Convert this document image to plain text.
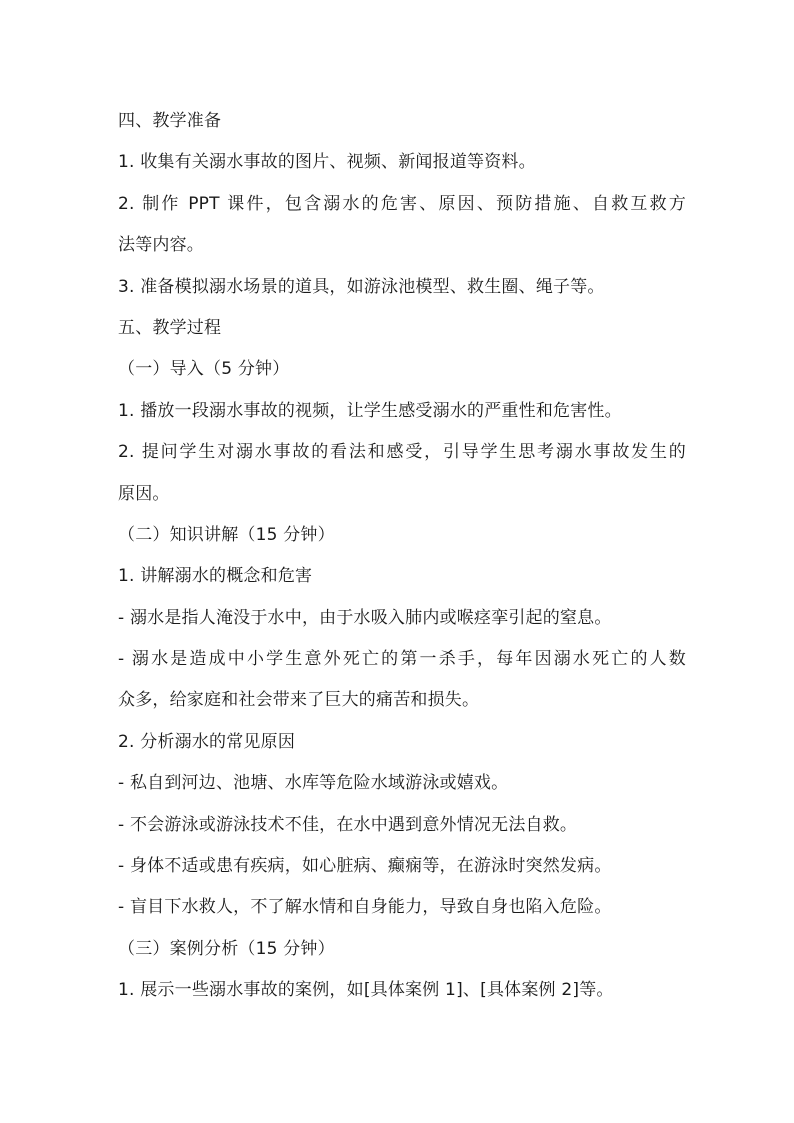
四、教学准备
1. 收集有关溺水事故的图片、视频、新闻报道等资料。
2. 制作 PPT 课件，包含溺水的危害、原因、预防措施、自救互救方
法等内容。
3. 准备模拟溺水场景的道具，如游泳池模型、救生圈、绳子等。
五、教学过程
（一）导入（5 分钟）
1. 播放一段溺水事故的视频，让学生感受溺水的严重性和危害性。
2. 提问学生对溺水事故的看法和感受，引导学生思考溺水事故发生的
原因。
（二）知识讲解（15 分钟）
1. 讲解溺水的概念和危害
- 溺水是指人淹没于水中，由于水吸入肺内或喉痉挛引起的窒息。
- 溺水是造成中小学生意外死亡的第一杀手，每年因溺水死亡的人数
众多，给家庭和社会带来了巨大的痛苦和损失。
2. 分析溺水的常见原因
- 私自到河边、池塘、水库等危险水域游泳或嬉戏。
- 不会游泳或游泳技术不佳，在水中遇到意外情况无法自救。
- 身体不适或患有疾病，如心脏病、癫痫等，在游泳时突然发病。
- 盲目下水救人，不了解水情和自身能力，导致自身也陷入危险。
（三）案例分析（15 分钟）
1. 展示一些溺水事故的案例，如[具体案例 1]、[具体案例 2]等。
